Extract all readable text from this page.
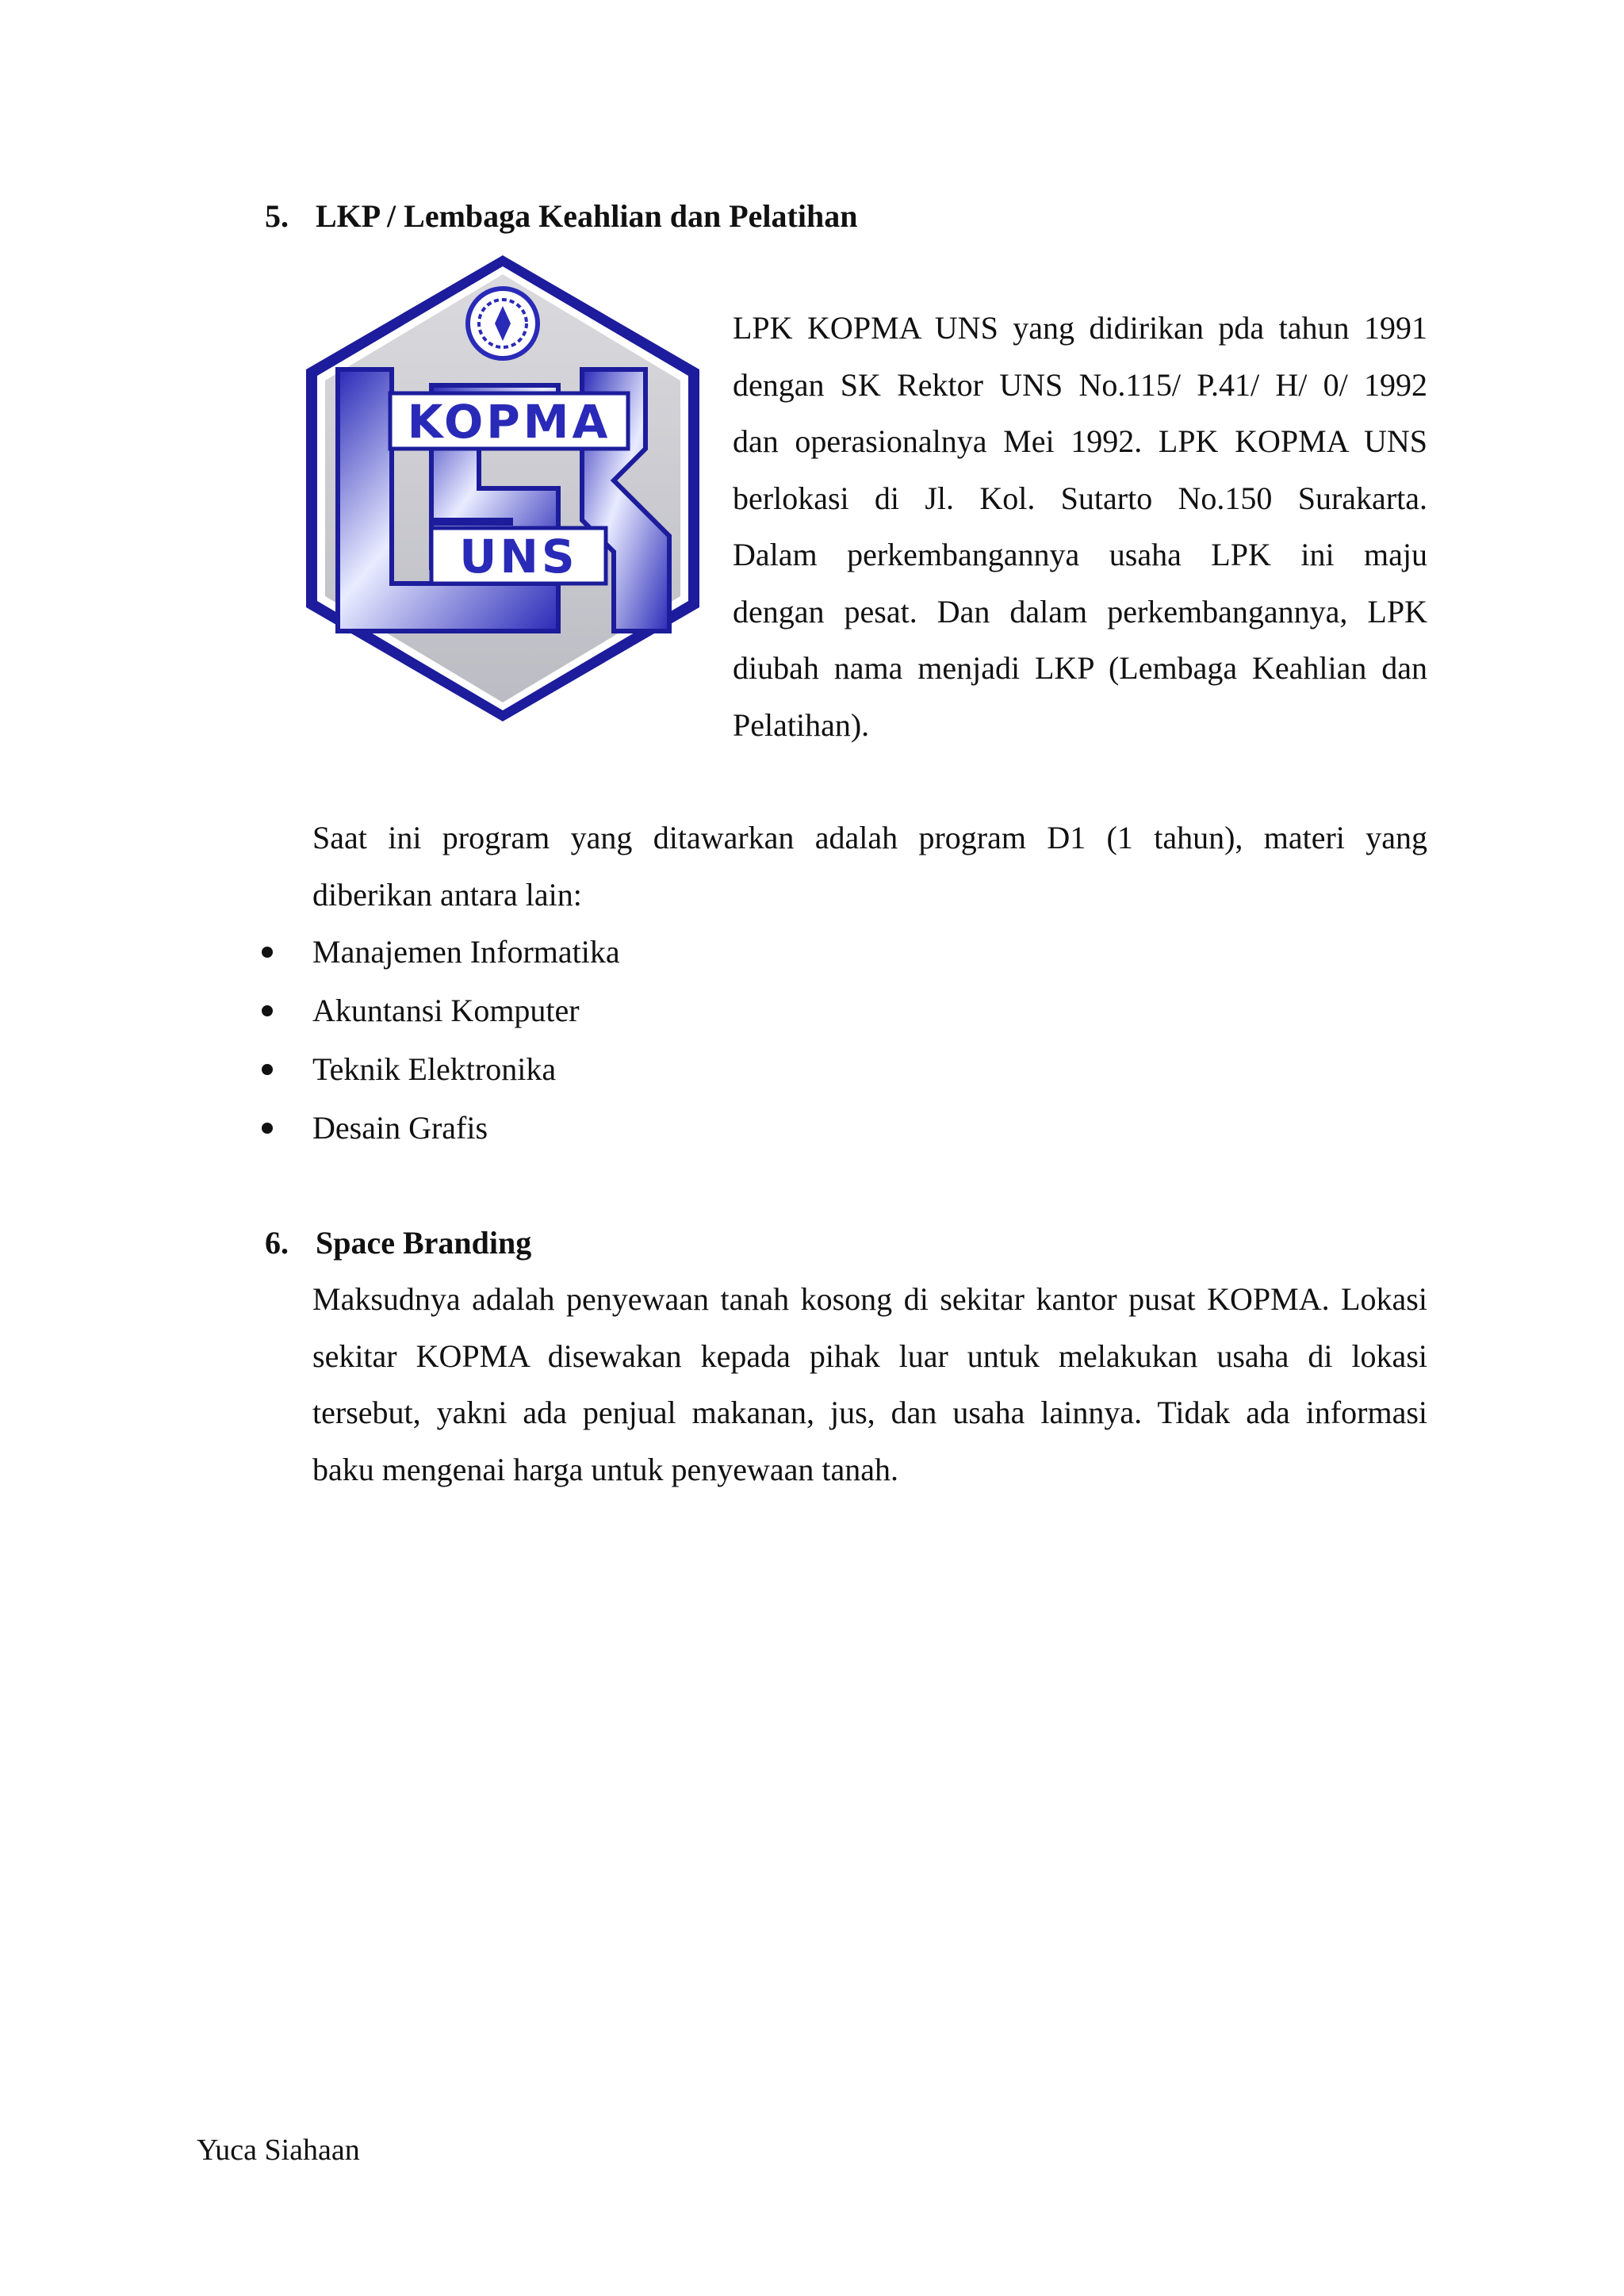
5. LKP / Lembaga Keahlian dan Pelatihan
KOPMA
UNS
LPK KOPMA UNS yang didirikan pda tahun 1991
dengan SK Rektor UNS No.115/ P.41/ H/ 0/ 1992
dan operasionalnya Mei 1992. LPK KOPMA UNS
berlokasi di Jl. Kol. Sutarto No.150 Surakarta.
Dalam perkembangannya usaha LPK ini maju
dengan pesat. Dan dalam perkembangannya, LPK
diubah nama menjadi LKP (Lembaga Keahlian dan
Pelatihan).
Saat ini program yang ditawarkan adalah program D1 (1 tahun), materi yang
diberikan antara lain:
Manajemen Informatika
Akuntansi Komputer
Teknik Elektronika
Desain Grafis
6. Space Branding
Maksudnya adalah penyewaan tanah kosong di sekitar kantor pusat KOPMA. Lokasi
sekitar KOPMA disewakan kepada pihak luar untuk melakukan usaha di lokasi
tersebut, yakni ada penjual makanan, jus, dan usaha lainnya. Tidak ada informasi
baku mengenai harga untuk penyewaan tanah.
Yuca Siahaan
